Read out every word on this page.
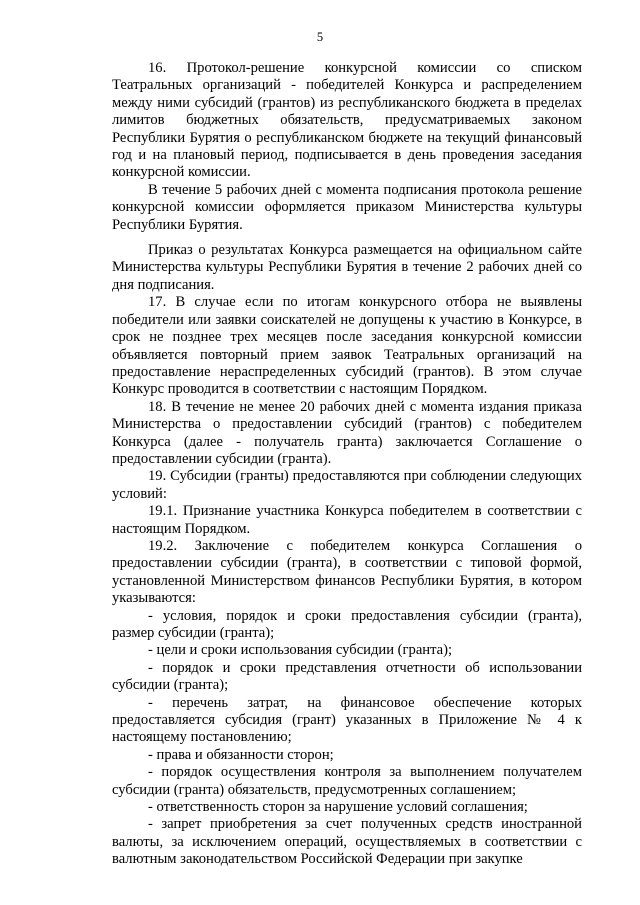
5

16. Протокол-решение конкурсной комиссии со списком Театральных организаций - победителей Конкурса и распределением между ними субсидий (грантов) из республиканского бюджета в пределах лимитов бюджетных обязательств, предусматриваемых законом Республики Бурятия о республиканском бюджете на текущий финансовый год и на плановый период, подписывается в день проведения заседания конкурсной комиссии.

В течение 5 рабочих дней с момента подписания протокола решение конкурсной комиссии оформляется приказом Министерства культуры Республики Бурятия.

Приказ о результатах Конкурса размещается на официальном сайте Министерства культуры Республики Бурятия в течение 2 рабочих дней со дня подписания.

17. В случае если по итогам конкурсного отбора не выявлены победители или заявки соискателей не допущены к участию в Конкурсе, в срок не позднее трех месяцев после заседания конкурсной комиссии объявляется повторный прием заявок Театральных организаций на предоставление нераспределенных субсидий (грантов). В этом случае Конкурс проводится в соответствии с настоящим Порядком.

18. В течение не менее 20 рабочих дней с момента издания приказа Министерства о предоставлении субсидий (грантов) с победителем Конкурса (далее - получатель гранта) заключается Соглашение о предоставлении субсидии (гранта).

19. Субсидии (гранты) предоставляются при соблюдении следующих условий:

19.1. Признание участника Конкурса победителем в соответствии с настоящим Порядком.

19.2. Заключение с победителем конкурса Соглашения о предоставлении субсидии (гранта), в соответствии с типовой формой, установленной Министерством финансов Республики Бурятия, в котором указываются:

- условия, порядок и сроки предоставления субсидии (гранта), размер субсидии (гранта);

- цели и сроки использования субсидии (гранта);

- порядок и сроки представления отчетности об использовании субсидии (гранта);

- перечень затрат, на финансовое обеспечение которых предоставляется субсидия (грант) указанных в Приложение № 4 к настоящему постановлению;

- права и обязанности сторон;

- порядок осуществления контроля за выполнением получателем субсидии (гранта) обязательств, предусмотренных соглашением;

- ответственность сторон за нарушение условий соглашения;

- запрет приобретения за счет полученных средств иностранной валюты, за исключением операций, осуществляемых в соответствии с валютным законодательством Российской Федерации при закупке
